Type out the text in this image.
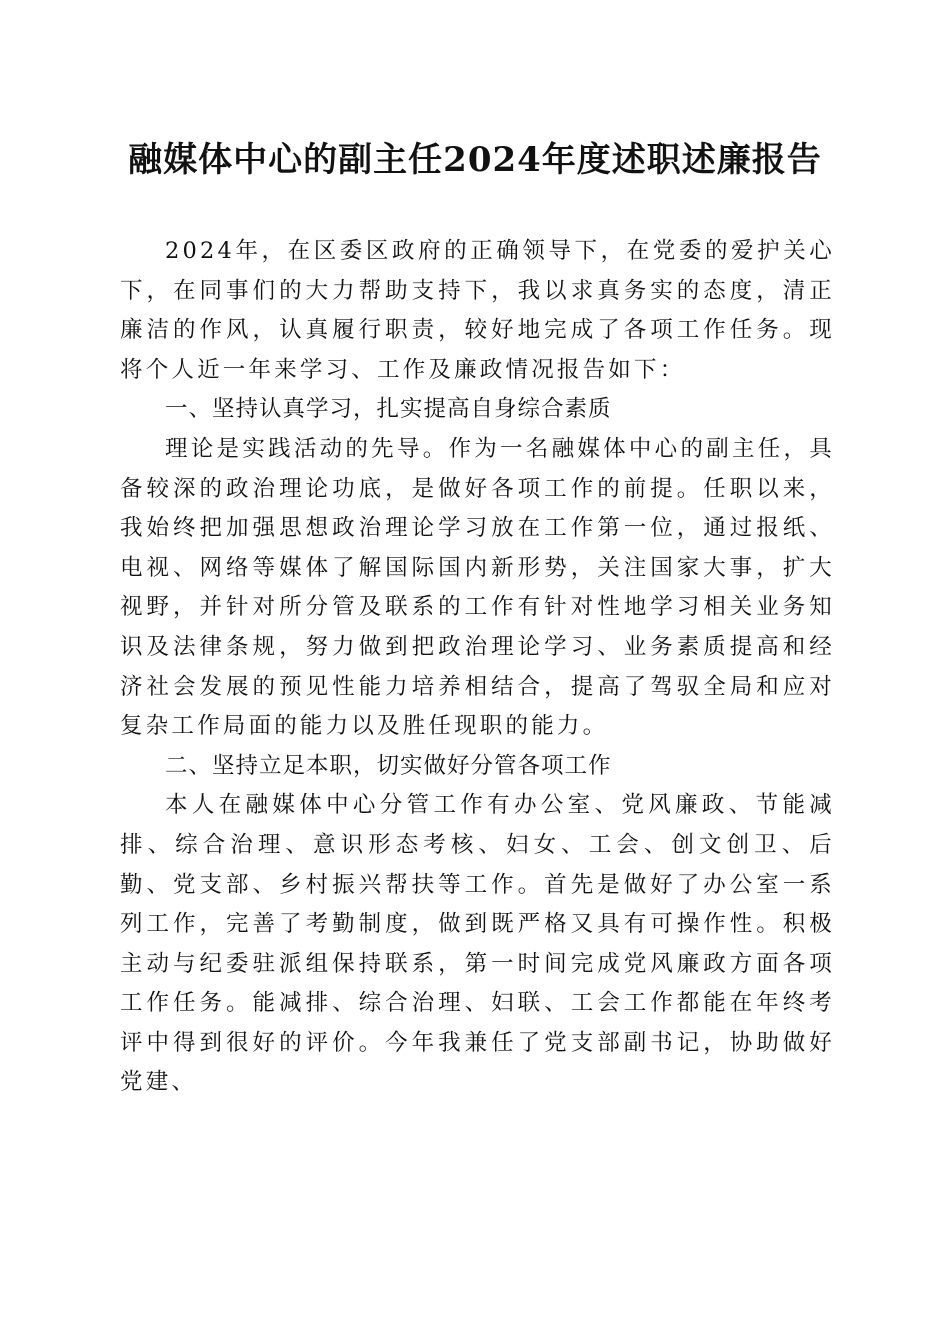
融媒体中心的副主任2024年度述职述廉报告

2024年，在区委区政府的正确领导下，在党委的爱护关心下，在同事们的大力帮助支持下，我以求真务实的态度，清正廉洁的作风，认真履行职责，较好地完成了各项工作任务。现将个人近一年来学习、工作及廉政情况报告如下：

一、坚持认真学习，扎实提高自身综合素质

理论是实践活动的先导。作为一名融媒体中心的副主任，具备较深的政治理论功底，是做好各项工作的前提。任职以来，我始终把加强思想政治理论学习放在工作第一位，通过报纸、电视、网络等媒体了解国际国内新形势，关注国家大事，扩大视野，并针对所分管及联系的工作有针对性地学习相关业务知识及法律条规，努力做到把政治理论学习、业务素质提高和经济社会发展的预见性能力培养相结合，提高了驾驭全局和应对复杂工作局面的能力以及胜任现职的能力。

二、坚持立足本职，切实做好分管各项工作

本人在融媒体中心分管工作有办公室、党风廉政、节能减排、综合治理、意识形态考核、妇女、工会、创文创卫、后勤、党支部、乡村振兴帮扶等工作。首先是做好了办公室一系列工作，完善了考勤制度，做到既严格又具有可操作性。积极主动与纪委驻派组保持联系，第一时间完成党风廉政方面各项工作任务。能减排、综合治理、妇联、工会工作都能在年终考评中得到很好的评价。今年我兼任了党支部副书记，协助做好党建、
